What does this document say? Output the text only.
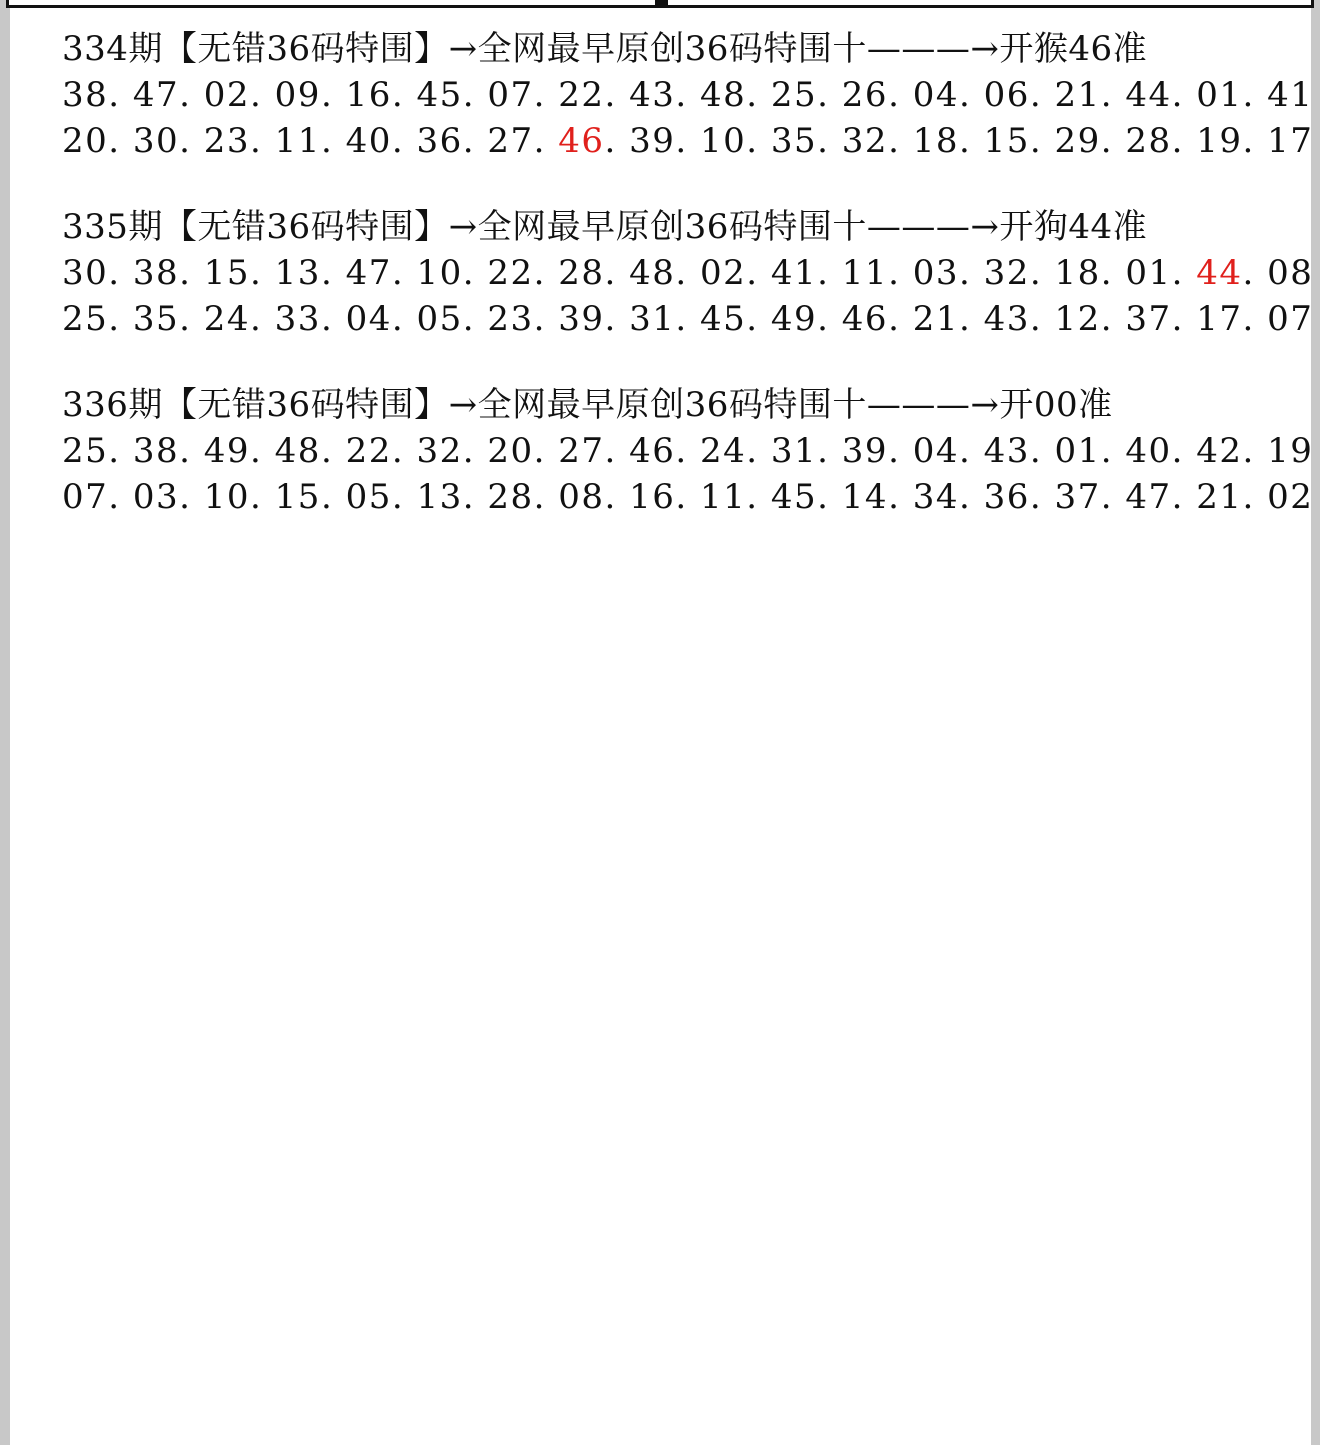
334期【无错36码特围】→全网最早原创36码特围十———→开猴46准
38. 47. 02. 09. 16. 45. 07. 22. 43. 48. 25. 26. 04. 06. 21. 44. 01. 41
20. 30. 23. 11. 40. 36. 27. 46. 39. 10. 35. 32. 18. 15. 29. 28. 19. 17
335期【无错36码特围】→全网最早原创36码特围十———→开狗44准
30. 38. 15. 13. 47. 10. 22. 28. 48. 02. 41. 11. 03. 32. 18. 01. 44. 08
25. 35. 24. 33. 04. 05. 23. 39. 31. 45. 49. 46. 21. 43. 12. 37. 17. 07
336期【无错36码特围】→全网最早原创36码特围十———→开00准
25. 38. 49. 48. 22. 32. 20. 27. 46. 24. 31. 39. 04. 43. 01. 40. 42. 19
07. 03. 10. 15. 05. 13. 28. 08. 16. 11. 45. 14. 34. 36. 37. 47. 21. 02
